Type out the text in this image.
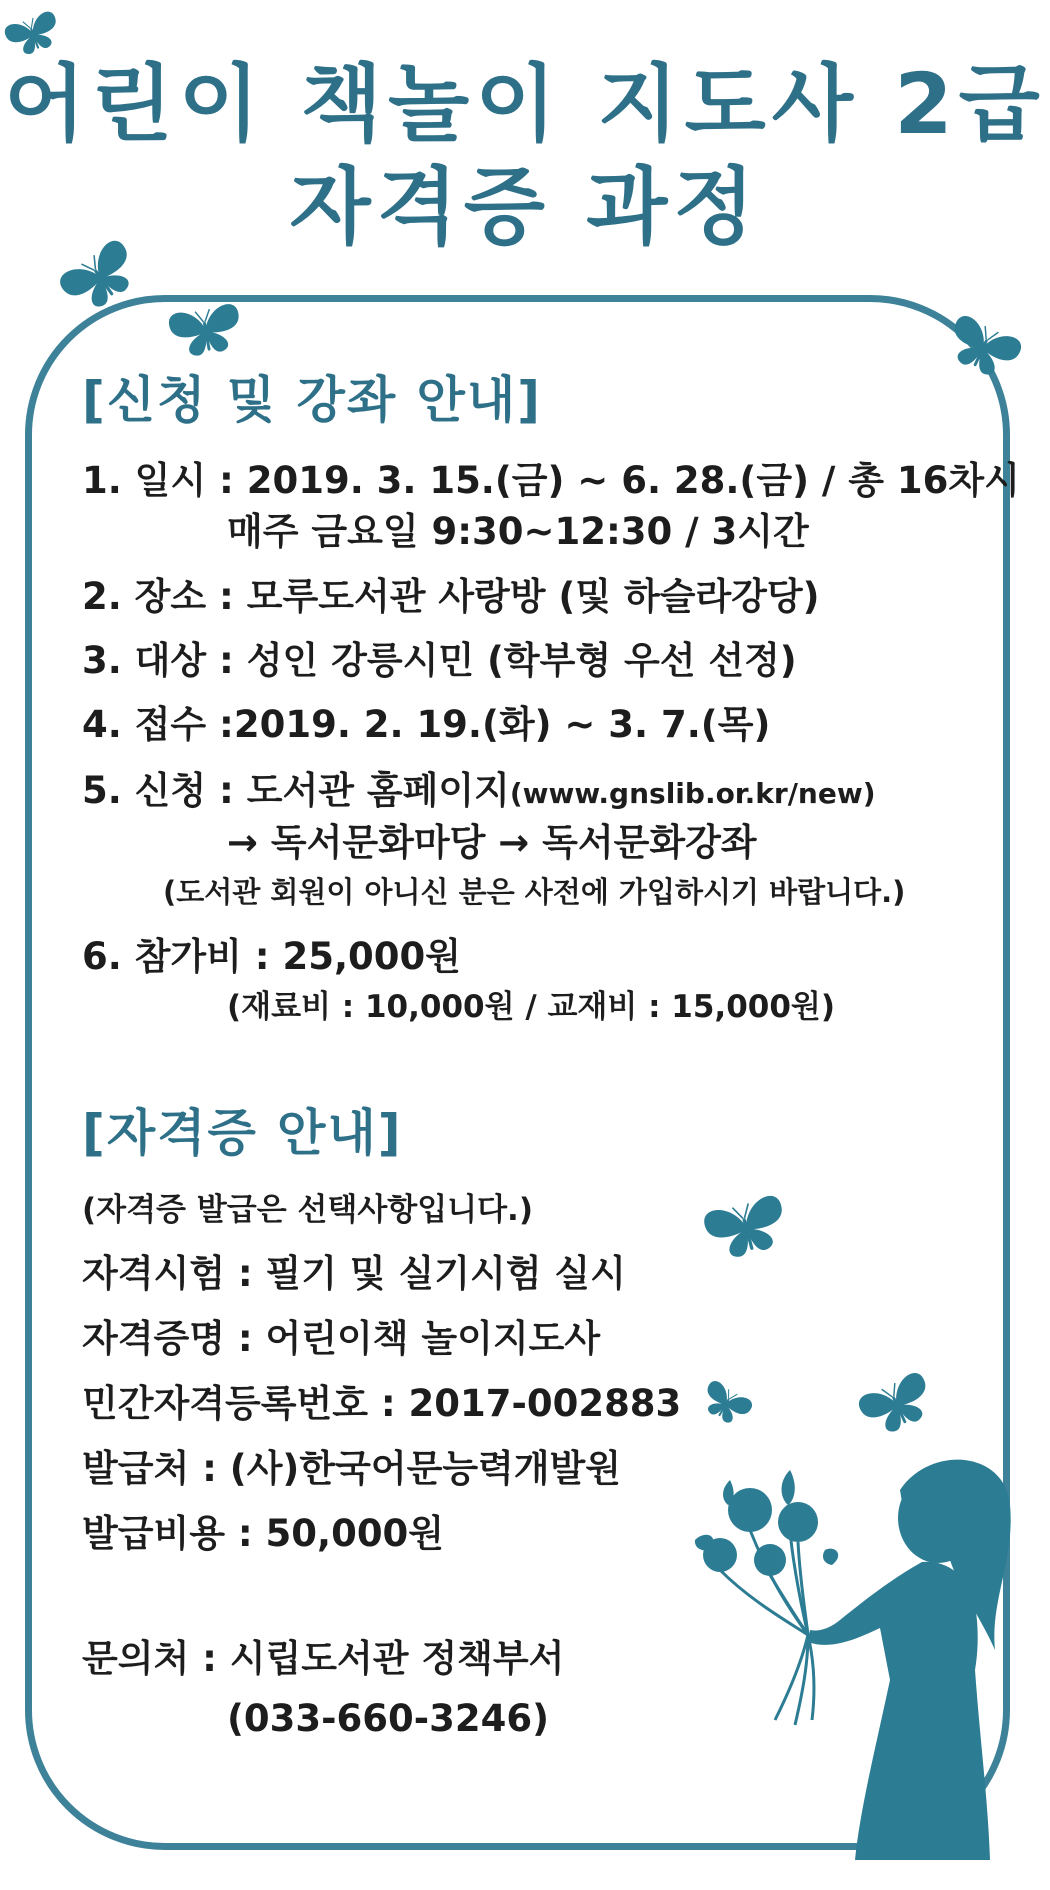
어린이 책놀이 지도사 2급
자격증 과정
[신청 및 강좌 안내]

1. 일시 : 2019. 3. 15.(금) ~ 6. 28.(금) / 총 16차시

매주 금요일 9:30~12:30 / 3시간

2. 장소 : 모루도서관 사랑방 (및 하슬라강당)

3. 대상 : 성인 강릉시민 (학부형 우선 선정)

4. 접수 :2019. 2. 19.(화) ~ 3. 7.(목)

5. 신청 : 도서관 홈페이지(www.gnslib.or.kr/new)

→ 독서문화마당 → 독서문화강좌

(도서관 회원이 아니신 분은 사전에 가입하시기 바랍니다.)

6. 참가비 : 25,000원

(재료비 : 10,000원 / 교재비 : 15,000원)

[자격증 안내]

(자격증 발급은 선택사항입니다.)

자격시험 : 필기 및 실기시험 실시

자격증명 : 어린이책 놀이지도사

민간자격등록번호 : 2017-002883

발급처 : (사)한국어문능력개발원

발급비용 : 50,000원

문의처 : 시립도서관 정책부서

(033-660-3246)
